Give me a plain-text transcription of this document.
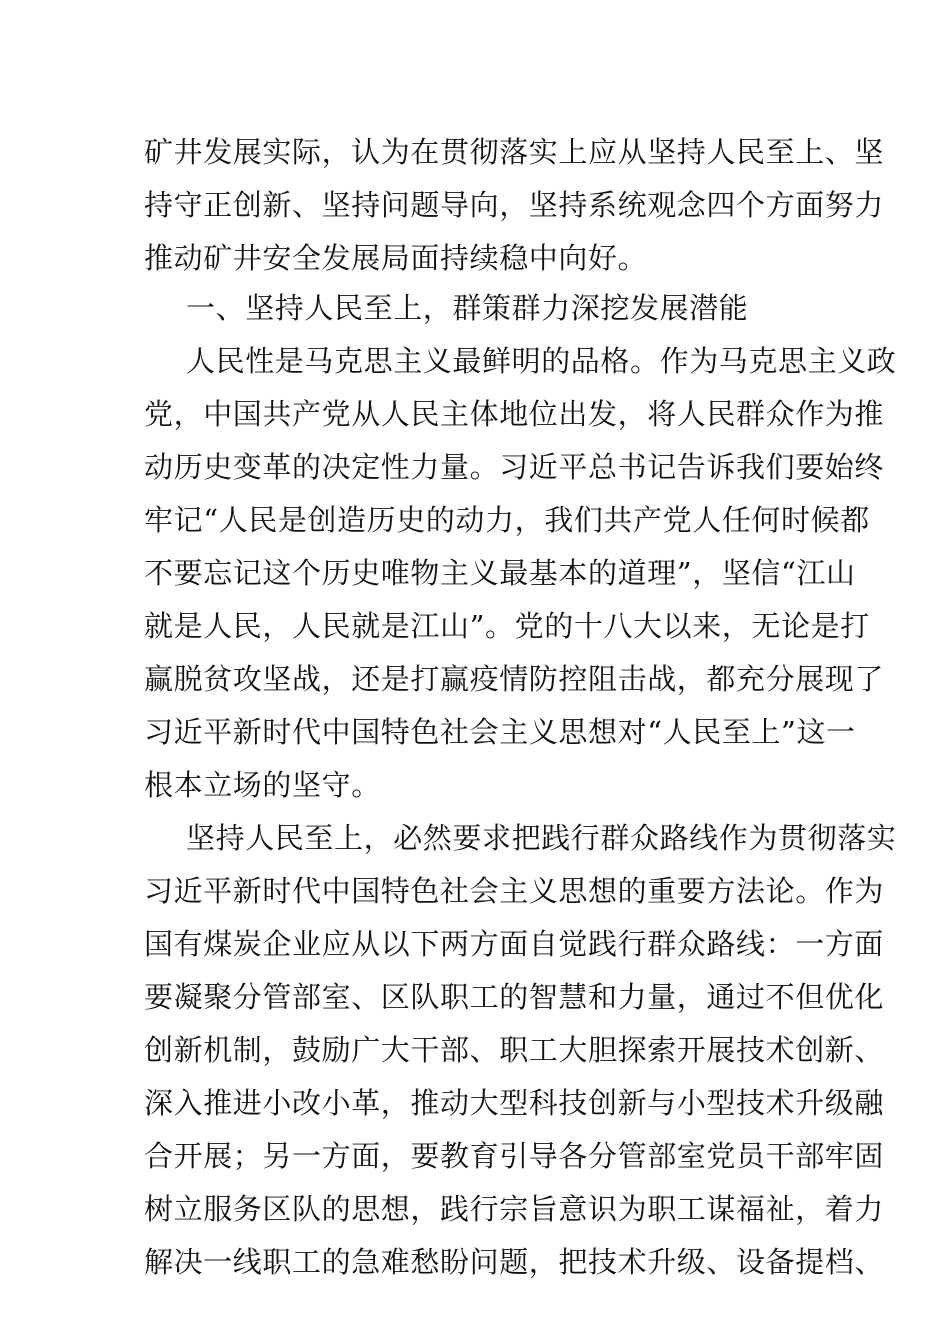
矿井发展实际，认为在贯彻落实上应从坚持人民至上、坚
持守正创新、坚持问题导向，坚持系统观念四个方面努力
推动矿井安全发展局面持续稳中向好。
一、坚持人民至上，群策群力深挖发展潜能
人民性是马克思主义最鲜明的品格。作为马克思主义政
党，中国共产党从人民主体地位出发，将人民群众作为推
动历史变革的决定性力量。习近平总书记告诉我们要始终
牢记“人民是创造历史的动力，我们共产党人任何时候都
不要忘记这个历史唯物主义最基本的道理”，坚信“江山
就是人民，人民就是江山”。党的十八大以来，无论是打
赢脱贫攻坚战，还是打赢疫情防控阻击战，都充分展现了
习近平新时代中国特色社会主义思想对“人民至上”这一
根本立场的坚守。
坚持人民至上，必然要求把践行群众路线作为贯彻落实
习近平新时代中国特色社会主义思想的重要方法论。作为
国有煤炭企业应从以下两方面自觉践行群众路线：一方面
要凝聚分管部室、区队职工的智慧和力量，通过不但优化
创新机制，鼓励广大干部、职工大胆探索开展技术创新、
深入推进小改小革，推动大型科技创新与小型技术升级融
合开展；另一方面，要教育引导各分管部室党员干部牢固
树立服务区队的思想，践行宗旨意识为职工谋福祉，着力
解决一线职工的急难愁盼问题，把技术升级、设备提档、
